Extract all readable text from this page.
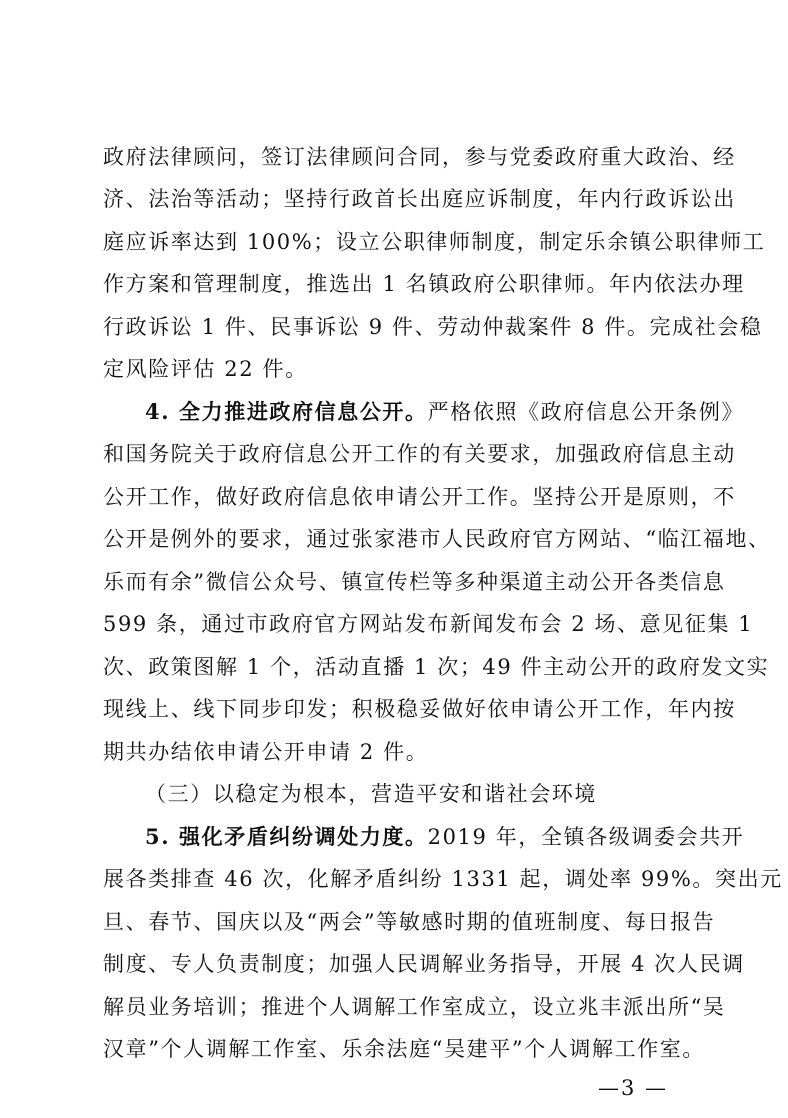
政府法律顾问，签订法律顾问合同，参与党委政府重大政治、经
济、法治等活动；坚持行政首长出庭应诉制度，年内行政诉讼出
庭应诉率达到 100%；设立公职律师制度，制定乐余镇公职律师工
作方案和管理制度，推选出 1 名镇政府公职律师。年内依法办理
行政诉讼 1 件、民事诉讼 9 件、劳动仲裁案件 8 件。完成社会稳
定风险评估 22 件。
4. 全力推进政府信息公开。严格依照《政府信息公开条例》
和国务院关于政府信息公开工作的有关要求，加强政府信息主动
公开工作，做好政府信息依申请公开工作。坚持公开是原则，不
公开是例外的要求，通过张家港市人民政府官方网站、“临江福地、
乐而有余”微信公众号、镇宣传栏等多种渠道主动公开各类信息
599 条，通过市政府官方网站发布新闻发布会 2 场、意见征集 1
次、政策图解 1 个，活动直播 1 次；49 件主动公开的政府发文实
现线上、线下同步印发；积极稳妥做好依申请公开工作，年内按
期共办结依申请公开申请 2 件。
（三）以稳定为根本，营造平安和谐社会环境
5. 强化矛盾纠纷调处力度。2019 年，全镇各级调委会共开
展各类排查 46 次，化解矛盾纠纷 1331 起，调处率 99%。突出元
旦、春节、国庆以及“两会”等敏感时期的值班制度、每日报告
制度、专人负责制度；加强人民调解业务指导，开展 4 次人民调
解员业务培训；推进个人调解工作室成立，设立兆丰派出所“吴
汉章”个人调解工作室、乐余法庭“吴建平”个人调解工作室。
—3 —
